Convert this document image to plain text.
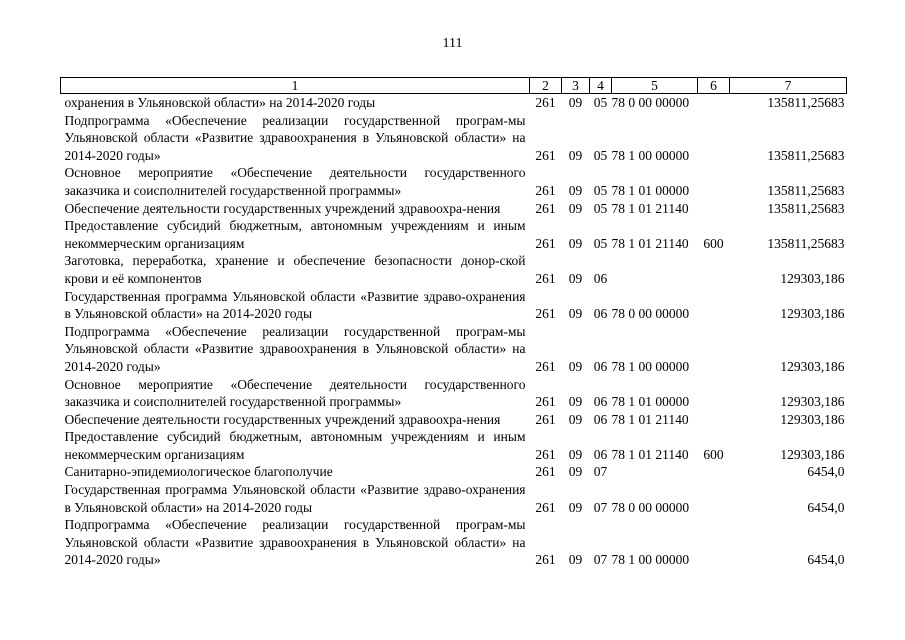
111
1	2	3	4	5	6	7
охранения в Ульяновской области» на 2014-2020 годы	261	09	05	78 0 00 00000		135811,25683
Подпрограмма «Обеспечение реализации государственной програм-мы Ульяновской области «Развитие здравоохранения в Ульяновской области» на 2014-2020 годы»	261	09	05	78 1 00 00000		135811,25683
Основное мероприятие «Обеспечение деятельности государственного заказчика и соисполнителей государственной программы»	261	09	05	78 1 01 00000		135811,25683
Обеспечение деятельности государственных учреждений здравоохра-нения	261	09	05	78 1 01 21140		135811,25683
Предоставление субсидий бюджетным, автономным учреждениям и иным некоммерческим организациям	261	09	05	78 1 01 21140	600	135811,25683
Заготовка, переработка, хранение и обеспечение безопасности донор-ской крови и её компонентов	261	09	06			129303,186
Государственная программа Ульяновской области «Развитие здраво-охранения в Ульяновской области» на 2014-2020 годы	261	09	06	78 0 00 00000		129303,186
Подпрограмма «Обеспечение реализации государственной програм-мы Ульяновской области «Развитие здравоохранения в Ульяновской области» на 2014-2020 годы»	261	09	06	78 1 00 00000		129303,186
Основное мероприятие «Обеспечение деятельности государственного заказчика и соисполнителей государственной программы»	261	09	06	78 1 01 00000		129303,186
Обеспечение деятельности государственных учреждений здравоохра-нения	261	09	06	78 1 01 21140		129303,186
Предоставление субсидий бюджетным, автономным учреждениям и иным некоммерческим организациям	261	09	06	78 1 01 21140	600	129303,186
Санитарно-эпидемиологическое благополучие	261	09	07			6454,0
Государственная программа Ульяновской области «Развитие здраво-охранения в Ульяновской области» на 2014-2020 годы	261	09	07	78 0 00 00000		6454,0
Подпрограмма «Обеспечение реализации государственной програм-мы Ульяновской области «Развитие здравоохранения в Ульяновской области» на 2014-2020 годы»	261	09	07	78 1 00 00000		6454,0
